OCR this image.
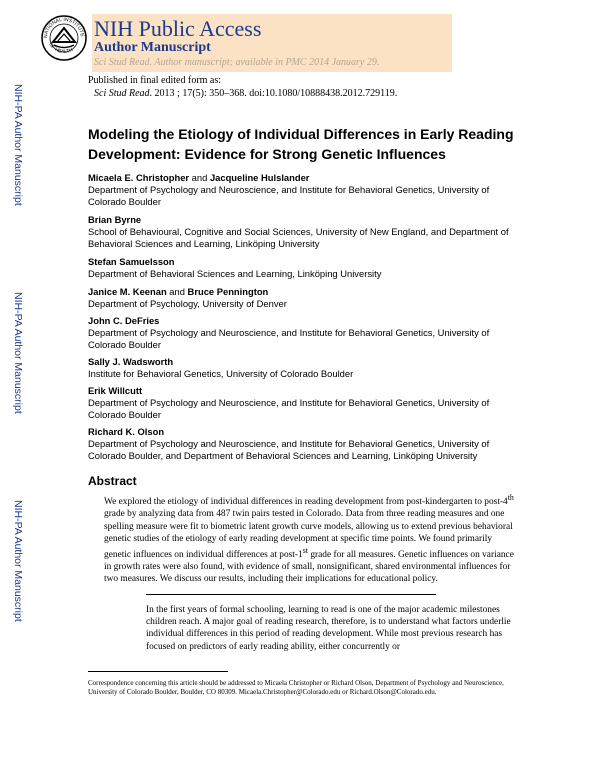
NATIONAL INSTITUTE
OF HEALTH
NIH Public Access
Author Manuscript
Sci Stud Read. Author manuscript; available in PMC 2014 January 29.
Published in final edited form as:
Sci Stud Read. 2013 ; 17(5): 350–368. doi:10.1080/10888438.2012.729119.
NIH-PA Author Manuscript
NIH-PA Author Manuscript
NIH-PA Author Manuscript
Modeling the Etiology of Individual Differences in Early Reading Development: Evidence for Strong Genetic Influences
Micaela E. Christopher and Jacqueline Hulslander
Department of Psychology and Neuroscience, and Institute for Behavioral Genetics, University of Colorado Boulder
Brian Byrne
School of Behavioural, Cognitive and Social Sciences, University of New England, and Department of Behavioral Sciences and Learning, Linköping University
Stefan Samuelsson
Department of Behavioral Sciences and Learning, Linköping University
Janice M. Keenan and Bruce Pennington
Department of Psychology, University of Denver
John C. DeFries
Department of Psychology and Neuroscience, and Institute for Behavioral Genetics, University of Colorado Boulder
Sally J. Wadsworth
Institute for Behavioral Genetics, University of Colorado Boulder
Erik Willcutt
Department of Psychology and Neuroscience, and Institute for Behavioral Genetics, University of Colorado Boulder
Richard K. Olson
Department of Psychology and Neuroscience, and Institute for Behavioral Genetics, University of Colorado Boulder, and Department of Behavioral Sciences and Learning, Linköping University
Abstract
We explored the etiology of individual differences in reading development from post-kindergarten to post-4th grade by analyzing data from 487 twin pairs tested in Colorado. Data from three reading measures and one spelling measure were fit to biometric latent growth curve models, allowing us to extend previous behavioral genetic studies of the etiology of early reading development at specific time points. We found primarily genetic influences on individual differences at post-1st grade for all measures. Genetic influences on variance in growth rates were also found, with evidence of small, nonsignificant, shared environmental influences for two measures. We discuss our results, including their implications for educational policy.
In the first years of formal schooling, learning to read is one of the major academic milestones children reach. A major goal of reading research, therefore, is to understand what factors underlie individual differences in this period of reading development. While most previous research has focused on predictors of early reading ability, either concurrently or
Correspondence concerning this article should be addressed to Micaela Christopher or Richard Olson, Department of Psychology and Neuroscience, University of Colorado Boulder, Boulder, CO 80309. Micaela.Christopher@Colorado.edu or Richard.Olson@Colorado.edu.
